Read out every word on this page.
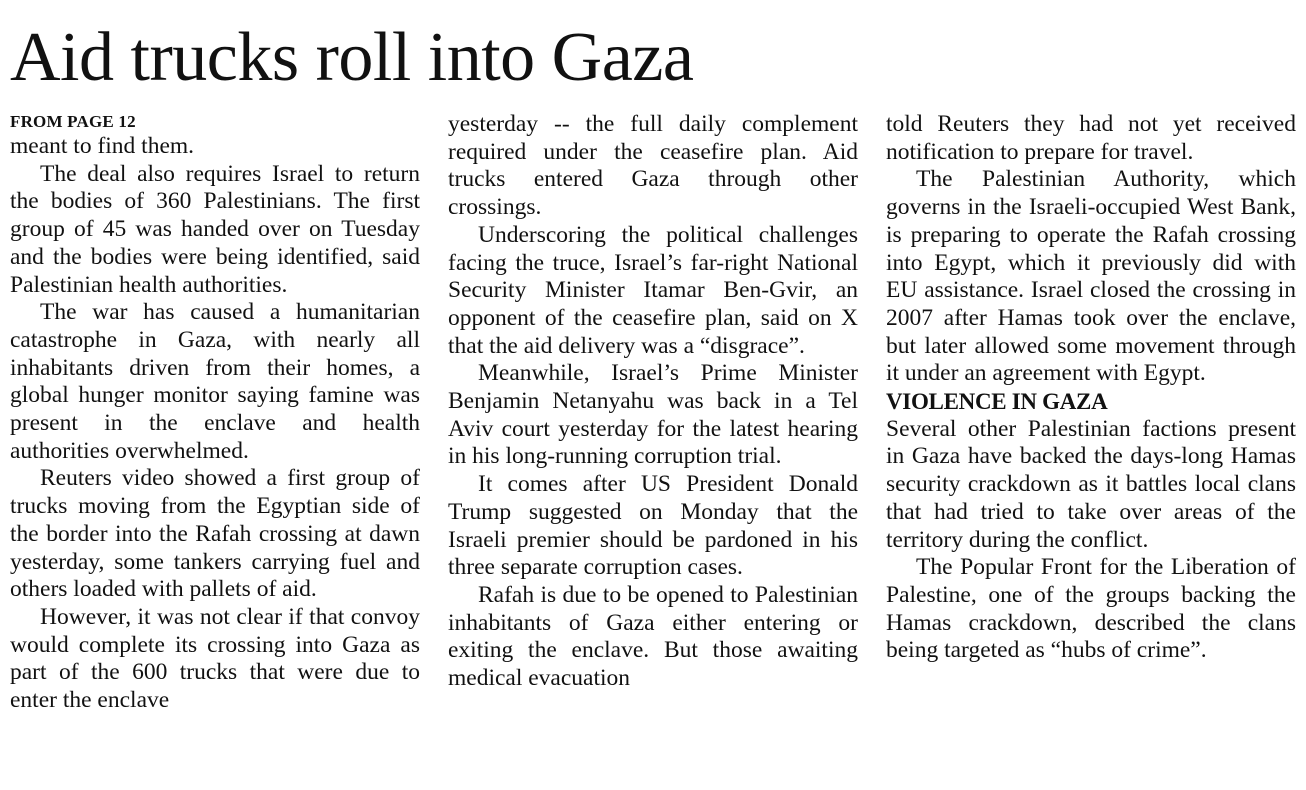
Aid trucks roll into Gaza
FROM PAGE 12

meant to find them.

The deal also requires Israel to return the bodies of 360 Palestinians. The first group of 45 was handed over on Tuesday and the bodies were being identified, said Palestinian health authorities.

The war has caused a humanitarian catastrophe in Gaza, with nearly all inhabitants driven from their homes, a global hunger monitor saying famine was present in the enclave and health authorities overwhelmed.

Reuters video showed a first group of trucks moving from the Egyptian side of the border into the Rafah crossing at dawn yesterday, some tankers carrying fuel and others loaded with pallets of aid.

However, it was not clear if that convoy would complete its crossing into Gaza as part of the 600 trucks that were due to enter the enclave

yesterday -- the full daily complement required under the ceasefire plan. Aid trucks entered Gaza through other crossings.

Underscoring the political challenges facing the truce, Israel’s far-right National Security Minister Itamar Ben-Gvir, an opponent of the ceasefire plan, said on X that the aid delivery was a “disgrace”.

Meanwhile, Israel’s Prime Minister Benjamin Netanyahu was back in a Tel Aviv court yesterday for the latest hearing in his long-running corruption trial.

It comes after US President Donald Trump suggested on Monday that the Israeli premier should be pardoned in his three separate corruption cases.

Rafah is due to be opened to Palestinian inhabitants of Gaza either entering or exiting the enclave. But those awaiting medical evacuation

told Reuters they had not yet received notification to prepare for travel.

The Palestinian Authority, which governs in the Israeli-occupied West Bank, is preparing to operate the Rafah crossing into Egypt, which it previously did with EU assistance. Israel closed the crossing in 2007 after Hamas took over the enclave, but later allowed some movement through it under an agreement with Egypt.

VIOLENCE IN GAZA

Several other Palestinian factions present in Gaza have backed the days-long Hamas security crackdown as it battles local clans that had tried to take over areas of the territory during the conflict.

The Popular Front for the Liberation of Palestine, one of the groups backing the Hamas crackdown, described the clans being targeted as “hubs of crime”.
